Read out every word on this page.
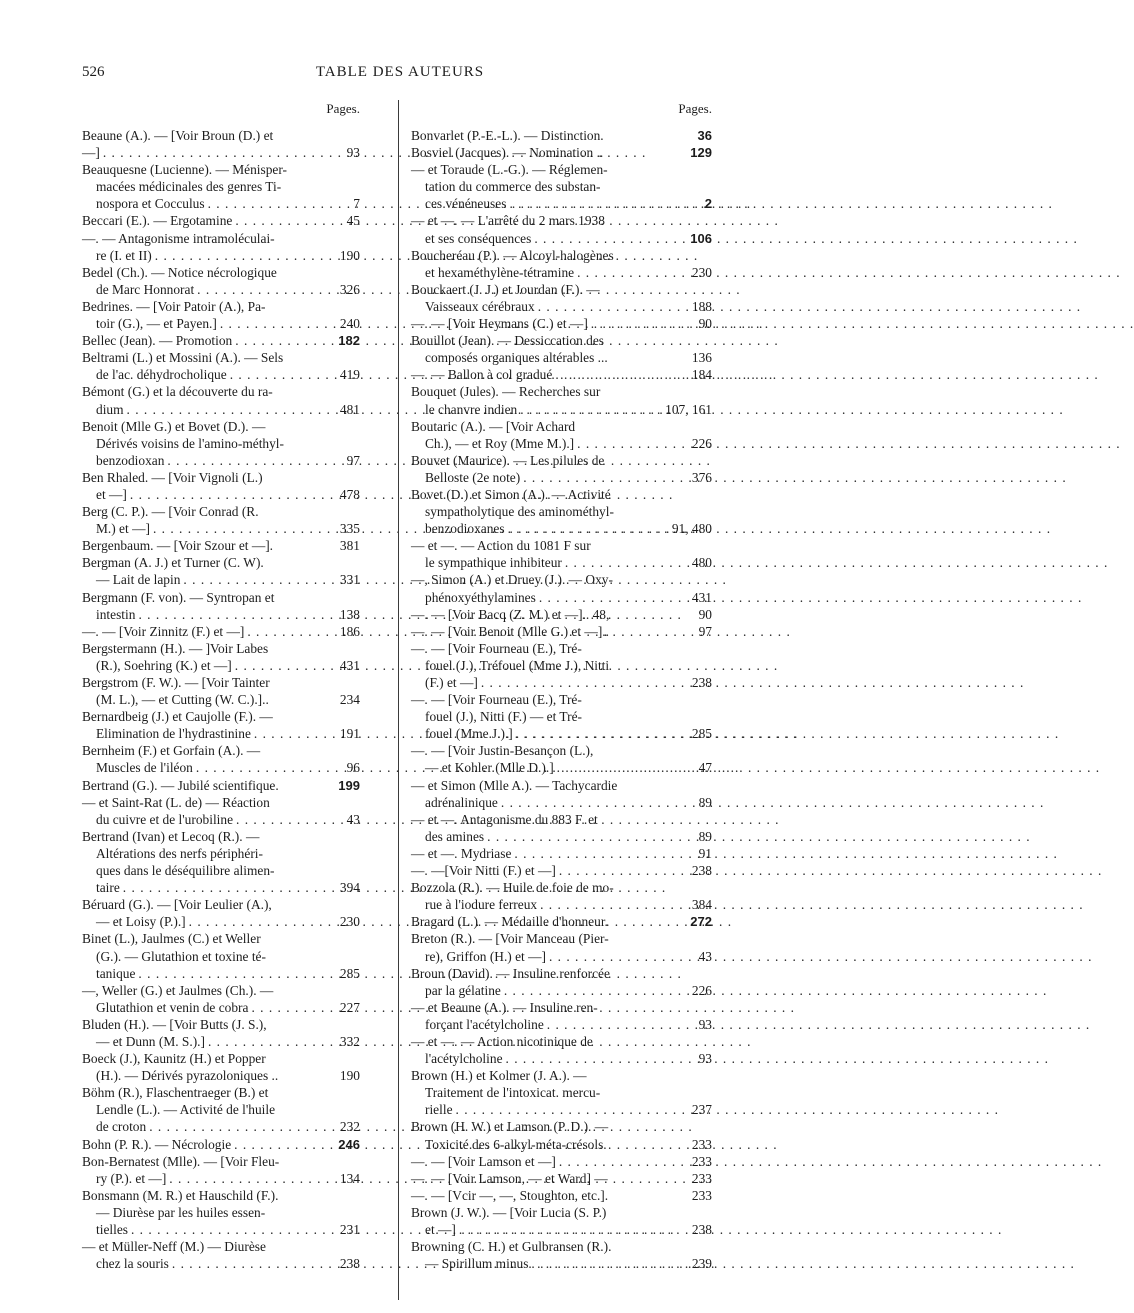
526	TABLE DES AUTEURS
Pages.
Beaune (A.). — [Voir Broun (D.) et
—] . . .	93
Beauquesne (Lucienne). — Ménisper-
macées médicinales des genres Ti-
nospora et Cocculus . . .	7
Beccari (E.). — Ergotamine . . .	45
—. — Antagonisme intramoléculai-
re (I. et II) . . .	190
Bedel (Ch.). — Notice nécrologique
de Marc Honnorat . . .	326
Bedrines. — [Voir Patoir (A.), Pa-
toir (G.), — et Payen.] . . .	240
Bellec (Jean). — Promotion . . .	182
Beltrami (L.) et Mossini (A.). — Sels
de l'ac. déhydrocholique . . .	419
Bémont (G.) et la découverte du ra-
dium . . .	481
Benoit (Mlle G.) et Bovet (D.). —
Dérivés voisins de l'amino-méthyl-
benzodioxan . . .	97
Ben Rhaled. — [Voir Vignoli (L.)
et —] . . .	478
Berg (C. P.). — [Voir Conrad (R.
M.) et —] . . .	335
Bergenbaum. — [Voir Szour et —].	381
Bergman (A. J.) et Turner (C. W).
— Lait de lapin . . .	331
Bergmann (F. von). — Syntropan et
intestin . . .	138
—. — [Voir Zinnitz (F.) et —] . . .	186
Bergstermann (H.). — ]Voir Labes
(R.), Soehring (K.) et —] . . .	431
Bergstrom (F. W.). — [Voir Tainter
(M. L.), — et Cutting (W. C.).]..	234
Bernardbeig (J.) et Caujolle (F.). —
Elimination de l'hydrastinine . . .	191
Bernheim (F.) et Gorfain (A.). —
Muscles de l'iléon . . .	96
Bertrand (G.). — Jubilé scientifique.	199
— et Saint-Rat (L. de) — Réaction
du cuivre et de l'urobiline . . .	43
Bertrand (Ivan) et Lecoq (R.). —
Altérations des nerfs périphéri-
ques dans le déséquilibre alimen-
taire . . .	394
Béruard (G.). — [Voir Leulier (A.),
— et Loisy (P.).] . . .	230
Binet (L.), Jaulmes (C.) et Weller
(G.). — Glutathion et toxine té-
tanique . . .	285
—, Weller (G.) et Jaulmes (Ch.). —
Glutathion et venin de cobra . . .	227
Bluden (H.). — [Voir Butts (J. S.),
— et Dunn (M. S.).] . . .	332
Boeck (J.), Kaunitz (H.) et Popper
(H.). — Dérivés pyrazoloniques ..	190
Böhm (R.), Flaschentraeger (B.) et
Lendle (L.). — Activité de l'huile
de croton . . .	232
Bohn (P. R.). — Nécrologie . . .	246
Bon-Bernatest (Mlle). — [Voir Fleu-
ry (P.). et —] . . .	134
Bonsmann (M. R.) et Hauschild (F.).
— Diurèse par les huiles essen-
tielles . . .	231
— et Müller-Neff (M.) — Diurèse
chez la souris . . .	238
Pages.
Bonvarlet (P.-E.-L.). — Distinction.	36
Bosviel (Jacques). — Nomination ..	129
— et Toraude (L.-G.). — Réglemen-
tation du commerce des substan-
ces vénéneuses . . .	2
— et —. — L'arrêté du 2 mars 1938
et ses conséquences . . .	106
Boucheréau (P.). — Alcoyl-halogènes
et hexaméthylène-tétramine . . .	230
Bouckaert (J. J.) et Jourdan (F.). —
Vaisseaux cérébraux . . .	188
—. — [Voir Heymans (C.) et —] . . .	90
Bouillot (Jean). — Dessiccation des
composés organiques altérables ...	136
—. — Ballon à col gradué . . .	184
Bouquet (Jules). — Recherches sur
le chanvre indien . . .	107, 161
Boutaric (A.). — [Voir Achard
Ch.), — et Roy (Mme M.).] . . .	226
Bouvet (Maurice). — Les pilules de
Belloste (2e note) . . .	376
Bovet (D.) et Simon (A.). — Activité
sympatholytique des aminométhyl-
benzodioxanes . . .	91, 480
— et —. — Action du 1081 F sur
le sympathique inhibiteur . . .	480
—, Simon (A.) et Druey (J.). — Oxy-
phénoxyéthylamines . . .	431
—. — [Voir Bacq (Z. M.) et —].. 48,	90
—. — [Voir Benoit (Mlle G.) et —]..	97
—. — [Voir Fourneau (E.), Tré-
fouel (J.), Tréfouel (Mme J.), Nitti
(F.) et —] . . .	238
—. — [Voir Fourneau (E.), Tré-
fouel (J.), Nitti (F.) — et Tré-
fouel (Mme J.).] . . .	285
—. — [Voir Justin-Besançon (L.),
— et Kohler (Mlle D.).] . . .	47
— et Simon (Mlle A.). — Tachycardie
adrénalinique . . .	89
— et —. Antagonisme du 883 F. et
des amines . . .	89
— et —. Mydriase . . .	91
—. —[Voir Nitti (F.) et —] . . .	238
Bozzola (R.). — Huile de foie de mo-
rue à l'iodure ferreux . . .	384
Bragard (L.). — Médaille d'honneur.	272
Breton (R.). — [Voir Manceau (Pier-
re), Griffon (H.) et —] . . .	43
Broun (David). — Insuline renforcée
par la gélatine . . .	226
— et Beaune (A.). — Insuline ren-
forçant l'acétylcholine . . .	93
— et —. — Action nicotinique de
l'acétylcholine . . .	93
Brown (H.) et Kolmer (J. A.). —
Traitement de l'intoxicat. mercu-
rielle . . .	237
Brown (H. W.) et Lamson (P. D.). —
Toxicité des 6-alkyl-méta-crésols.	233
—. — [Voir Lamson et —] . . .	233
—. — [Voir Lamson, — et Ward] —	233
—. — [Vcir —, —, Stoughton, etc.].	233
Brown (J. W.). — [Voir Lucia (S. P.)
et —] . . .	238
Browning (C. H.) et Gulbransen (R.).
— Spirillum minus . . .	239
